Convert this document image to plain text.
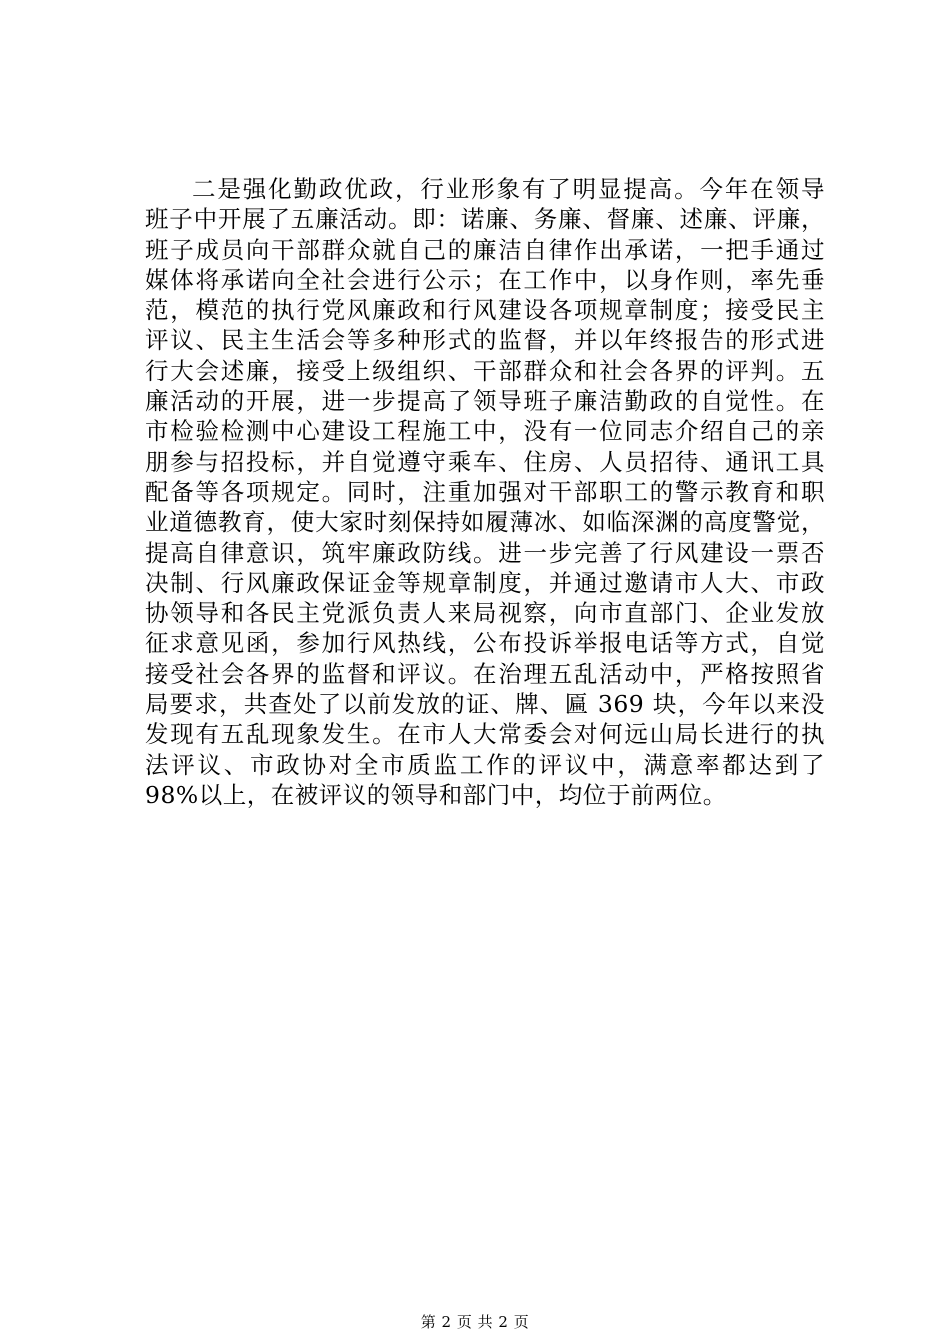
二是强化勤政优政，行业形象有了明显提高。今年在领导
班子中开展了五廉活动。即：诺廉、务廉、督廉、述廉、评廉，
班子成员向干部群众就自己的廉洁自律作出承诺，一把手通过
媒体将承诺向全社会进行公示；在工作中，以身作则，率先垂
范，模范的执行党风廉政和行风建设各项规章制度；接受民主
评议、民主生活会等多种形式的监督，并以年终报告的形式进
行大会述廉，接受上级组织、干部群众和社会各界的评判。五
廉活动的开展，进一步提高了领导班子廉洁勤政的自觉性。在
市检验检测中心建设工程施工中，没有一位同志介绍自己的亲
朋参与招投标，并自觉遵守乘车、住房、人员招待、通讯工具
配备等各项规定。同时，注重加强对干部职工的警示教育和职
业道德教育，使大家时刻保持如履薄冰、如临深渊的高度警觉，
提高自律意识，筑牢廉政防线。进一步完善了行风建设一票否
决制、行风廉政保证金等规章制度，并通过邀请市人大、市政
协领导和各民主党派负责人来局视察，向市直部门、企业发放
征求意见函，参加行风热线，公布投诉举报电话等方式，自觉
接受社会各界的监督和评议。在治理五乱活动中，严格按照省
局要求，共查处了以前发放的证、牌、匾 369 块，今年以来没
发现有五乱现象发生。在市人大常委会对何远山局长进行的执
法评议、市政协对全市质监工作的评议中，满意率都达到了
98%以上，在被评议的领导和部门中，均位于前两位。
第 2 页 共 2 页
